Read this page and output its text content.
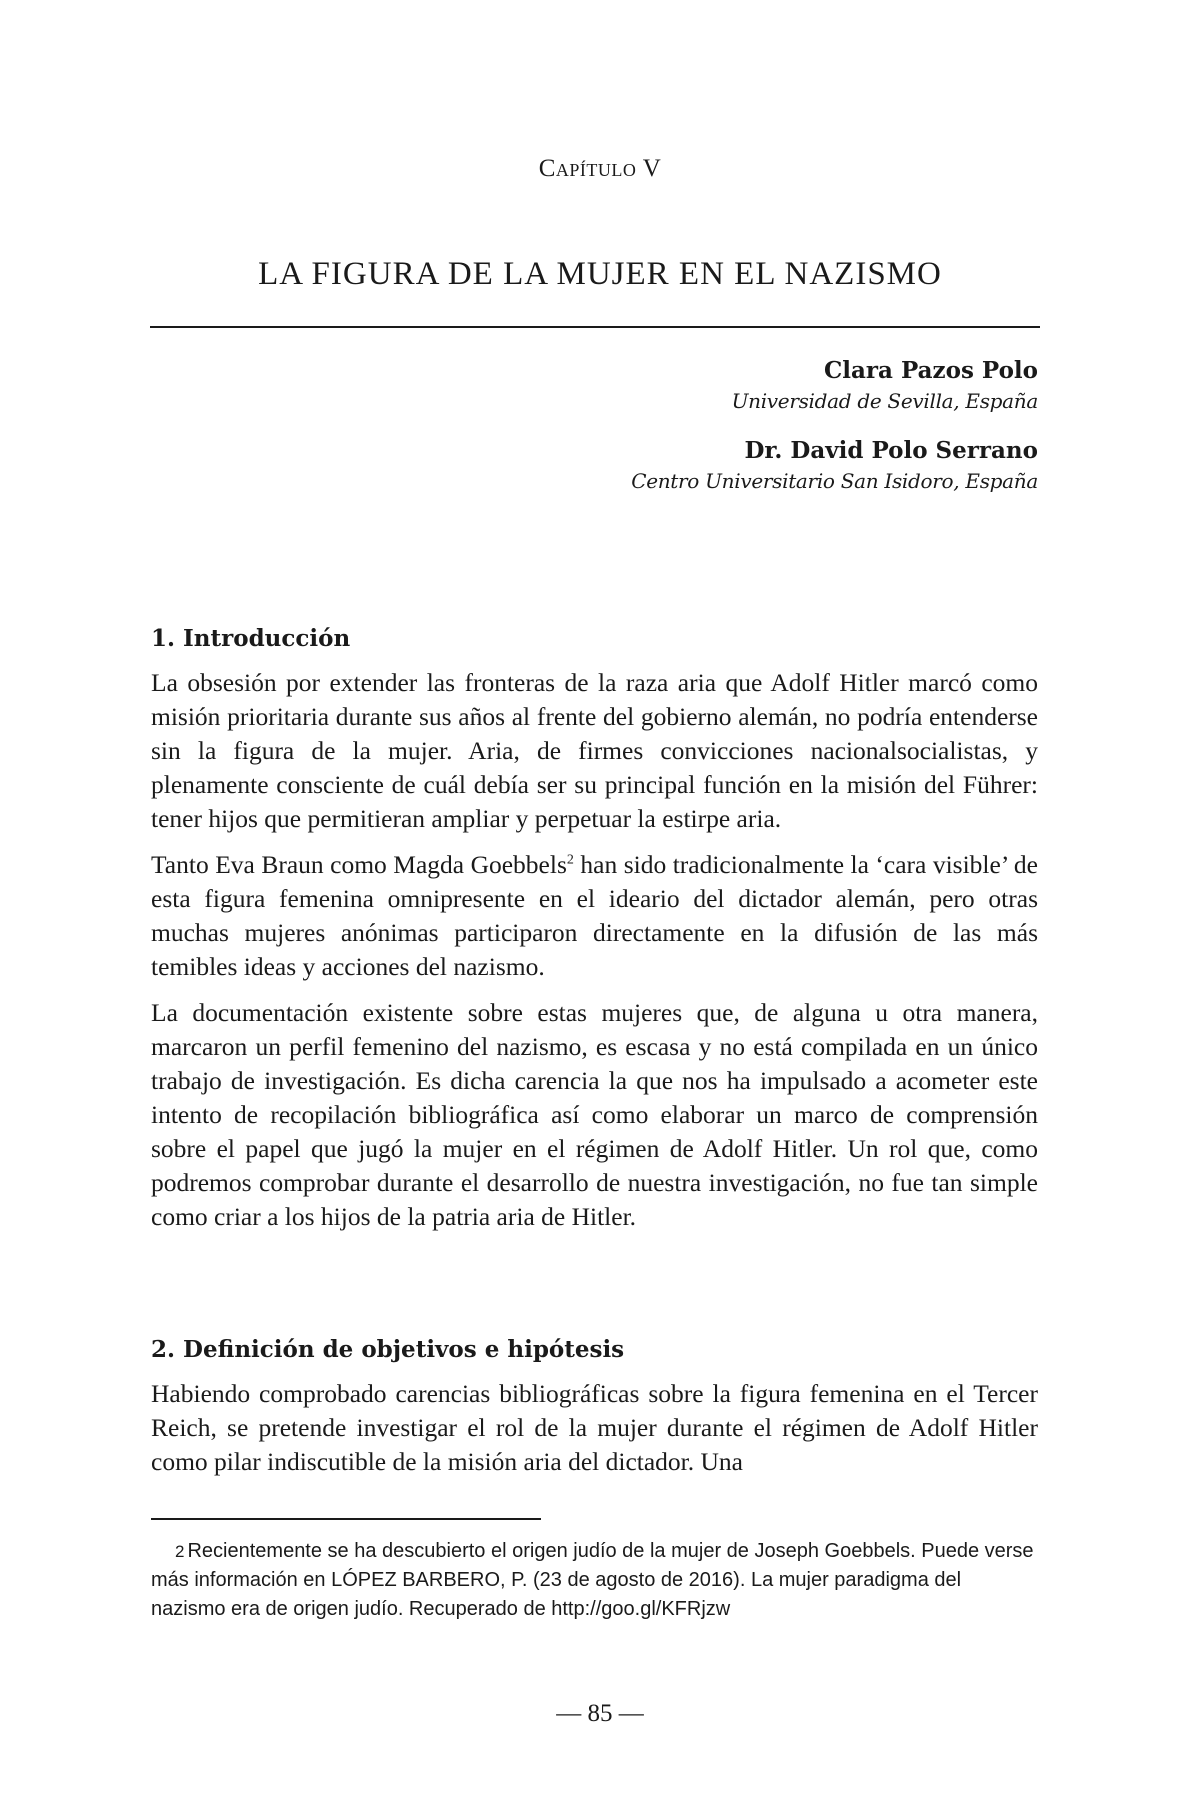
Capítulo V
LA FIGURA DE LA MUJER EN EL NAZISMO
Clara Pazos Polo
Universidad de Sevilla, España
Dr. David Polo Serrano
Centro Universitario San Isidoro, España
1. Introducción

La obsesión por extender las fronteras de la raza aria que Adolf Hitler marcó como misión prioritaria durante sus años al frente del gobierno alemán, no podría entenderse sin la figura de la mujer. Aria, de firmes convicciones nacionalsocialistas, y plenamente consciente de cuál debía ser su principal función en la misión del Führer: tener hijos que permitieran ampliar y perpetuar la estirpe aria.

Tanto Eva Braun como Magda Goebbels$^2$ han sido tradicionalmente la ‘cara visible’ de esta figura femenina omnipresente en el ideario del dictador alemán, pero otras muchas mujeres anónimas participaron directamente en la difusión de las más temibles ideas y acciones del nazismo.

La documentación existente sobre estas mujeres que, de alguna u otra manera, marcaron un perfil femenino del nazismo, es escasa y no está compilada en un único trabajo de investigación. Es dicha carencia la que nos ha impulsado a acometer este intento de recopilación bibliográfica así como elaborar un marco de comprensión sobre el papel que jugó la mujer en el régimen de Adolf Hitler. Un rol que, como podremos comprobar durante el desarrollo de nuestra investigación, no fue tan simple como criar a los hijos de la patria aria de Hitler.

2. Definición de objetivos e hipótesis

Habiendo comprobado carencias bibliográficas sobre la figura femenina en el Tercer Reich, se pretende investigar el rol de la mujer durante el régimen de Adolf Hitler como pilar indiscutible de la misión aria del dictador. Una

$^2$ Recientemente se ha descubierto el origen judío de la mujer de Joseph Goebbels. Puede verse más información en LÓPEZ BARBERO, P. (23 de agosto de 2016). La mujer paradigma del nazismo era de origen judío. Recuperado de http://goo.gl/KFRjzw
— 85 —
